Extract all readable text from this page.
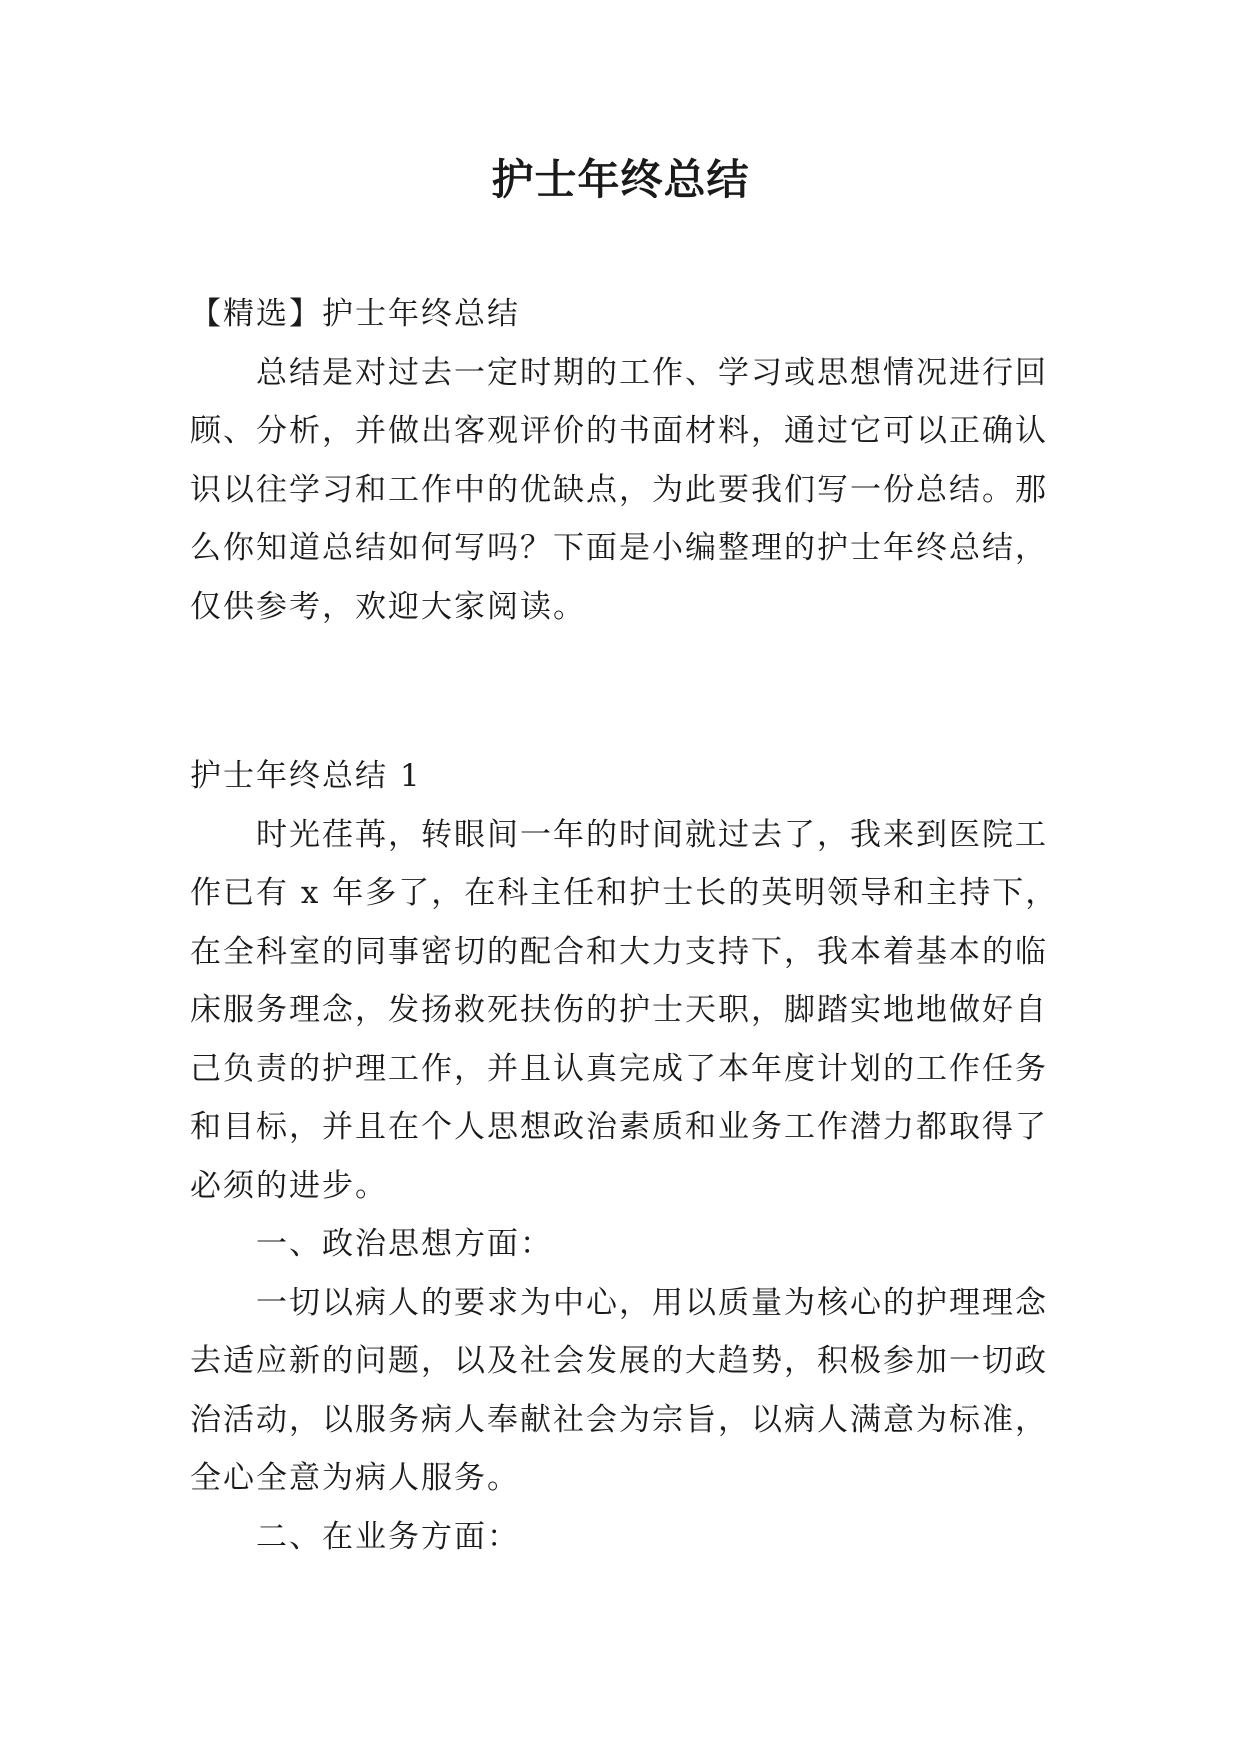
护士年终总结

【精选】护士年终总结

总结是对过去一定时期的工作、学习或思想情况进行回

顾、分析，并做出客观评价的书面材料，通过它可以正确认

识以往学习和工作中的优缺点，为此要我们写一份总结。那

么你知道总结如何写吗？下面是小编整理的护士年终总结，

仅供参考，欢迎大家阅读。

护士年终总结 1

时光荏苒，转眼间一年的时间就过去了，我来到医院工

作已有 x 年多了，在科主任和护士长的英明领导和主持下，

在全科室的同事密切的配合和大力支持下，我本着基本的临

床服务理念，发扬救死扶伤的护士天职，脚踏实地地做好自

己负责的护理工作，并且认真完成了本年度计划的工作任务

和目标，并且在个人思想政治素质和业务工作潜力都取得了

必须的进步。

一、政治思想方面：

一切以病人的要求为中心，用以质量为核心的护理理念

去适应新的问题，以及社会发展的大趋势，积极参加一切政

治活动，以服务病人奉献社会为宗旨，以病人满意为标准，

全心全意为病人服务。

二、在业务方面：
